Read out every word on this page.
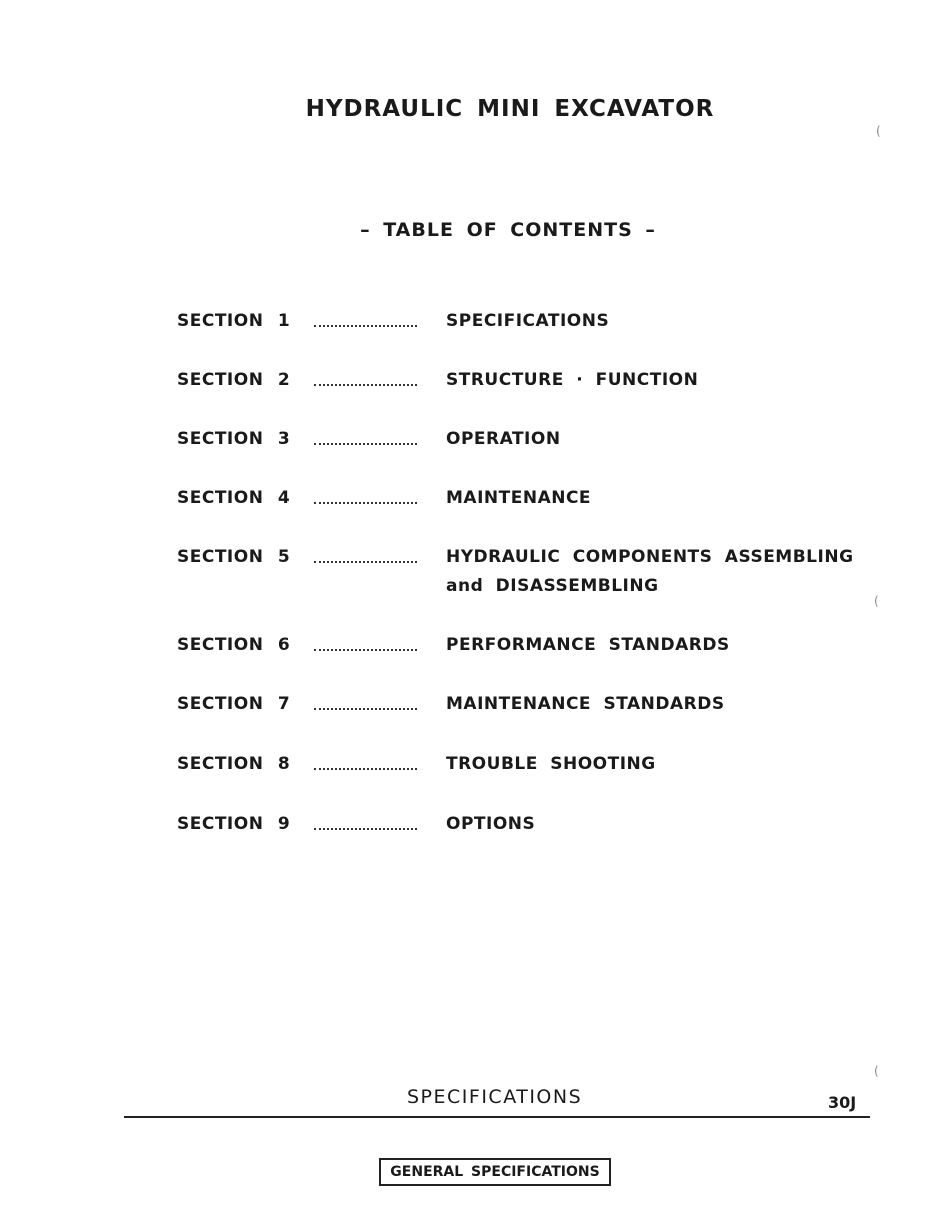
HYDRAULIC MINI EXCAVATOR
– TABLE OF CONTENTS –
SECTION 1	SPECIFICATIONS
SECTION 2	STRUCTURE · FUNCTION
SECTION 3	OPERATION
SECTION 4	MAINTENANCE
SECTION 5	HYDRAULIC COMPONENTS ASSEMBLING
and DISASSEMBLING
SECTION 6	PERFORMANCE STANDARDS
SECTION 7	MAINTENANCE STANDARDS
SECTION 8	TROUBLE SHOOTING
SECTION 9	OPTIONS
SPECIFICATIONS	30J
GENERAL SPECIFICATIONS
(
(
(
